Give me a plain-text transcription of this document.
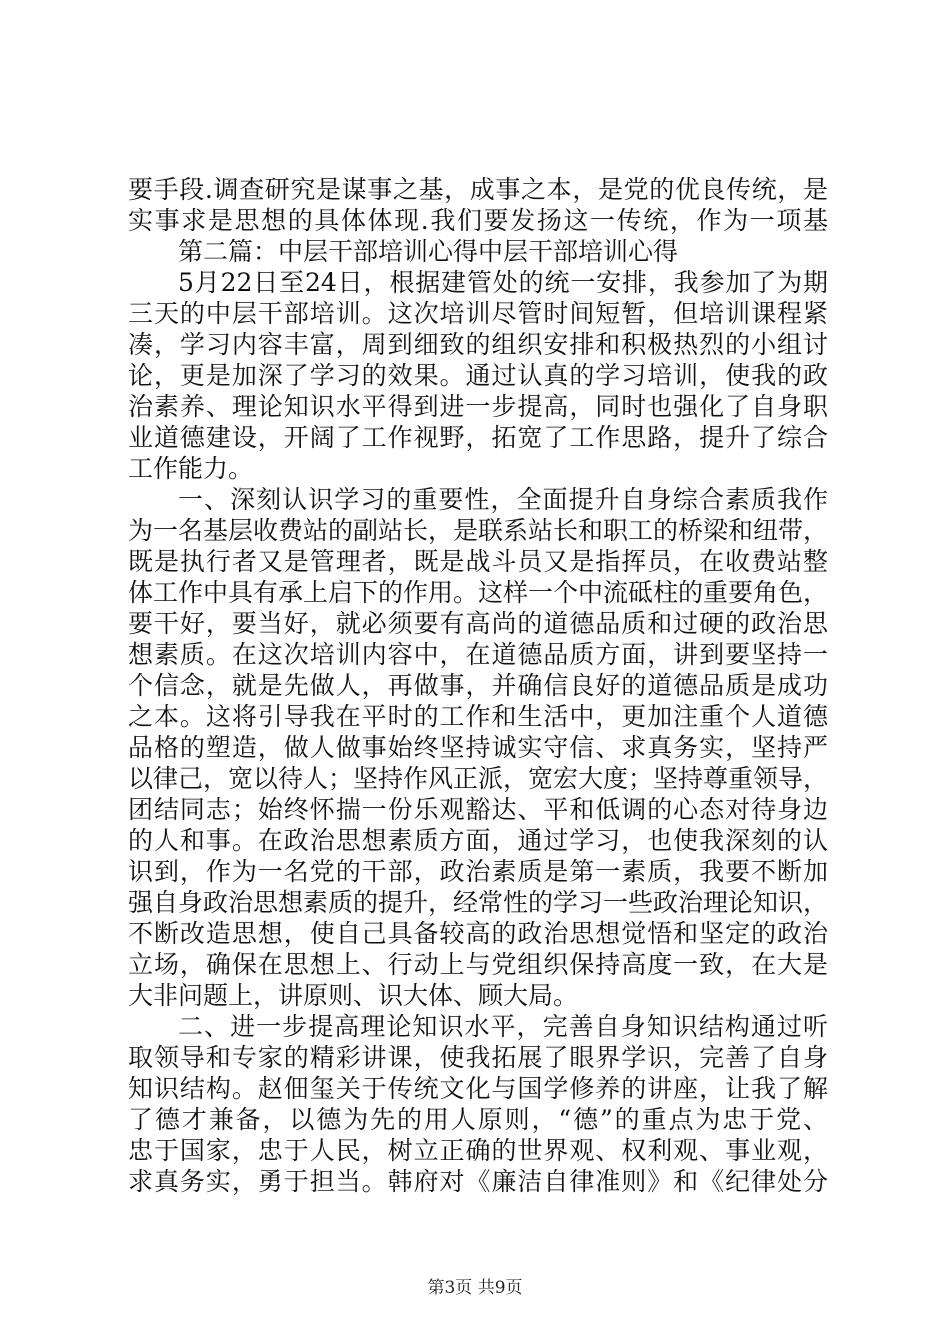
要手段.调查研究是谋事之基，成事之本，是党的优良传统，是
实事求是思想的具体体现.我们要发扬这一传统，作为一项基
第二篇：中层干部培训心得中层干部培训心得
5月22日至24日，根据建管处的统一安排，我参加了为期
三天的中层干部培训。这次培训尽管时间短暂，但培训课程紧
凑，学习内容丰富，周到细致的组织安排和积极热烈的小组讨
论，更是加深了学习的效果。通过认真的学习培训，使我的政
治素养、理论知识水平得到进一步提高，同时也强化了自身职
业道德建设，开阔了工作视野，拓宽了工作思路，提升了综合
工作能力。
一、深刻认识学习的重要性，全面提升自身综合素质我作
为一名基层收费站的副站长，是联系站长和职工的桥梁和纽带，
既是执行者又是管理者，既是战斗员又是指挥员，在收费站整
体工作中具有承上启下的作用。这样一个中流砥柱的重要角色，
要干好，要当好，就必须要有高尚的道德品质和过硬的政治思
想素质。在这次培训内容中，在道德品质方面，讲到要坚持一
个信念，就是先做人，再做事，并确信良好的道德品质是成功
之本。这将引导我在平时的工作和生活中，更加注重个人道德
品格的塑造，做人做事始终坚持诚实守信、求真务实，坚持严
以律己，宽以待人；坚持作风正派，宽宏大度；坚持尊重领导，
团结同志；始终怀揣一份乐观豁达、平和低调的心态对待身边
的人和事。在政治思想素质方面，通过学习，也使我深刻的认
识到，作为一名党的干部，政治素质是第一素质，我要不断加
强自身政治思想素质的提升，经常性的学习一些政治理论知识，
不断改造思想，使自己具备较高的政治思想觉悟和坚定的政治
立场，确保在思想上、行动上与党组织保持高度一致，在大是
大非问题上，讲原则、识大体、顾大局。
二、进一步提高理论知识水平，完善自身知识结构通过听
取领导和专家的精彩讲课，使我拓展了眼界学识，完善了自身
知识结构。赵佃玺关于传统文化与国学修养的讲座，让我了解
了德才兼备，以德为先的用人原则，“德”的重点为忠于党、
忠于国家，忠于人民，树立正确的世界观、权利观、事业观，
求真务实，勇于担当。韩府对《廉洁自律准则》和《纪律处分
第3页 共9页
